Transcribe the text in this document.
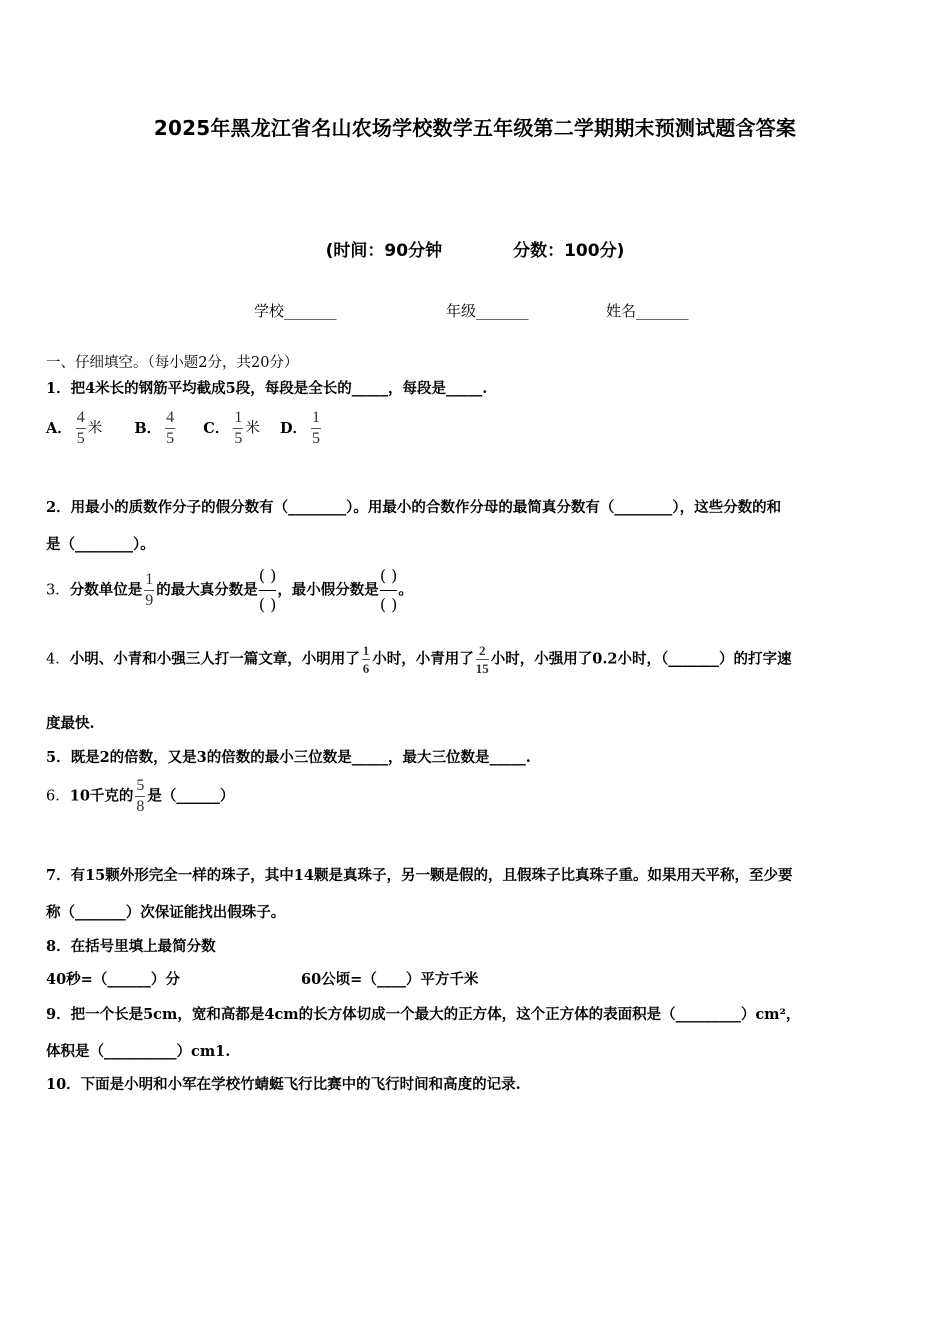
2025年黑龙江省名山农场学校数学五年级第二学期期末预测试题含答案
(时间：90分钟            分数：100分)
学校_______	年级_______	姓名_______
一、仔细填空。（每小题2分，共20分）
1．把4米长的钢筋平均截成5段，每段是全长的_____，每段是_____.
A． $\frac{4}{5}$ 米 B． $\frac{4}{5}$ C． $\frac{1}{5}$ 米 D． $\frac{1}{5}$
2．用最小的质数作分子的假分数有（________）。用最小的合数作分母的最简真分数有（________），这些分数的和
是（________）。
3．分数单位是 $\frac{1}{9}$ 的最大真分数是 $\frac{( )}{( )}$ ，最小假分数是 $\frac{( )}{( )}$ 。
4．小明、小青和小强三人打一篇文章，小明用了 $\frac{1}{6}$ 小时，小青用了 $\frac{2}{15}$ 小时，小强用了0.2小时，（_______）的打字速
度最快.
5．既是2的倍数，又是3的倍数的最小三位数是_____，最大三位数是_____.
6．10千克的 $\frac{5}{8}$ 是（______）
7．有15颗外形完全一样的珠子，其中14颗是真珠子，另一颗是假的，且假珠子比真珠子重。如果用天平称，至少要
称（_______）次保证能找出假珠子。
8．在括号里填上最简分数
40秒=（______）分	60公顷=（____）平方千米
9．把一个长是5cm，宽和高都是4cm的长方体切成一个最大的正方体，这个正方体的表面积是（_________）cm²，
体积是（__________）cm1.
10．下面是小明和小军在学校竹蜻蜓飞行比赛中的飞行时间和高度的记录.
